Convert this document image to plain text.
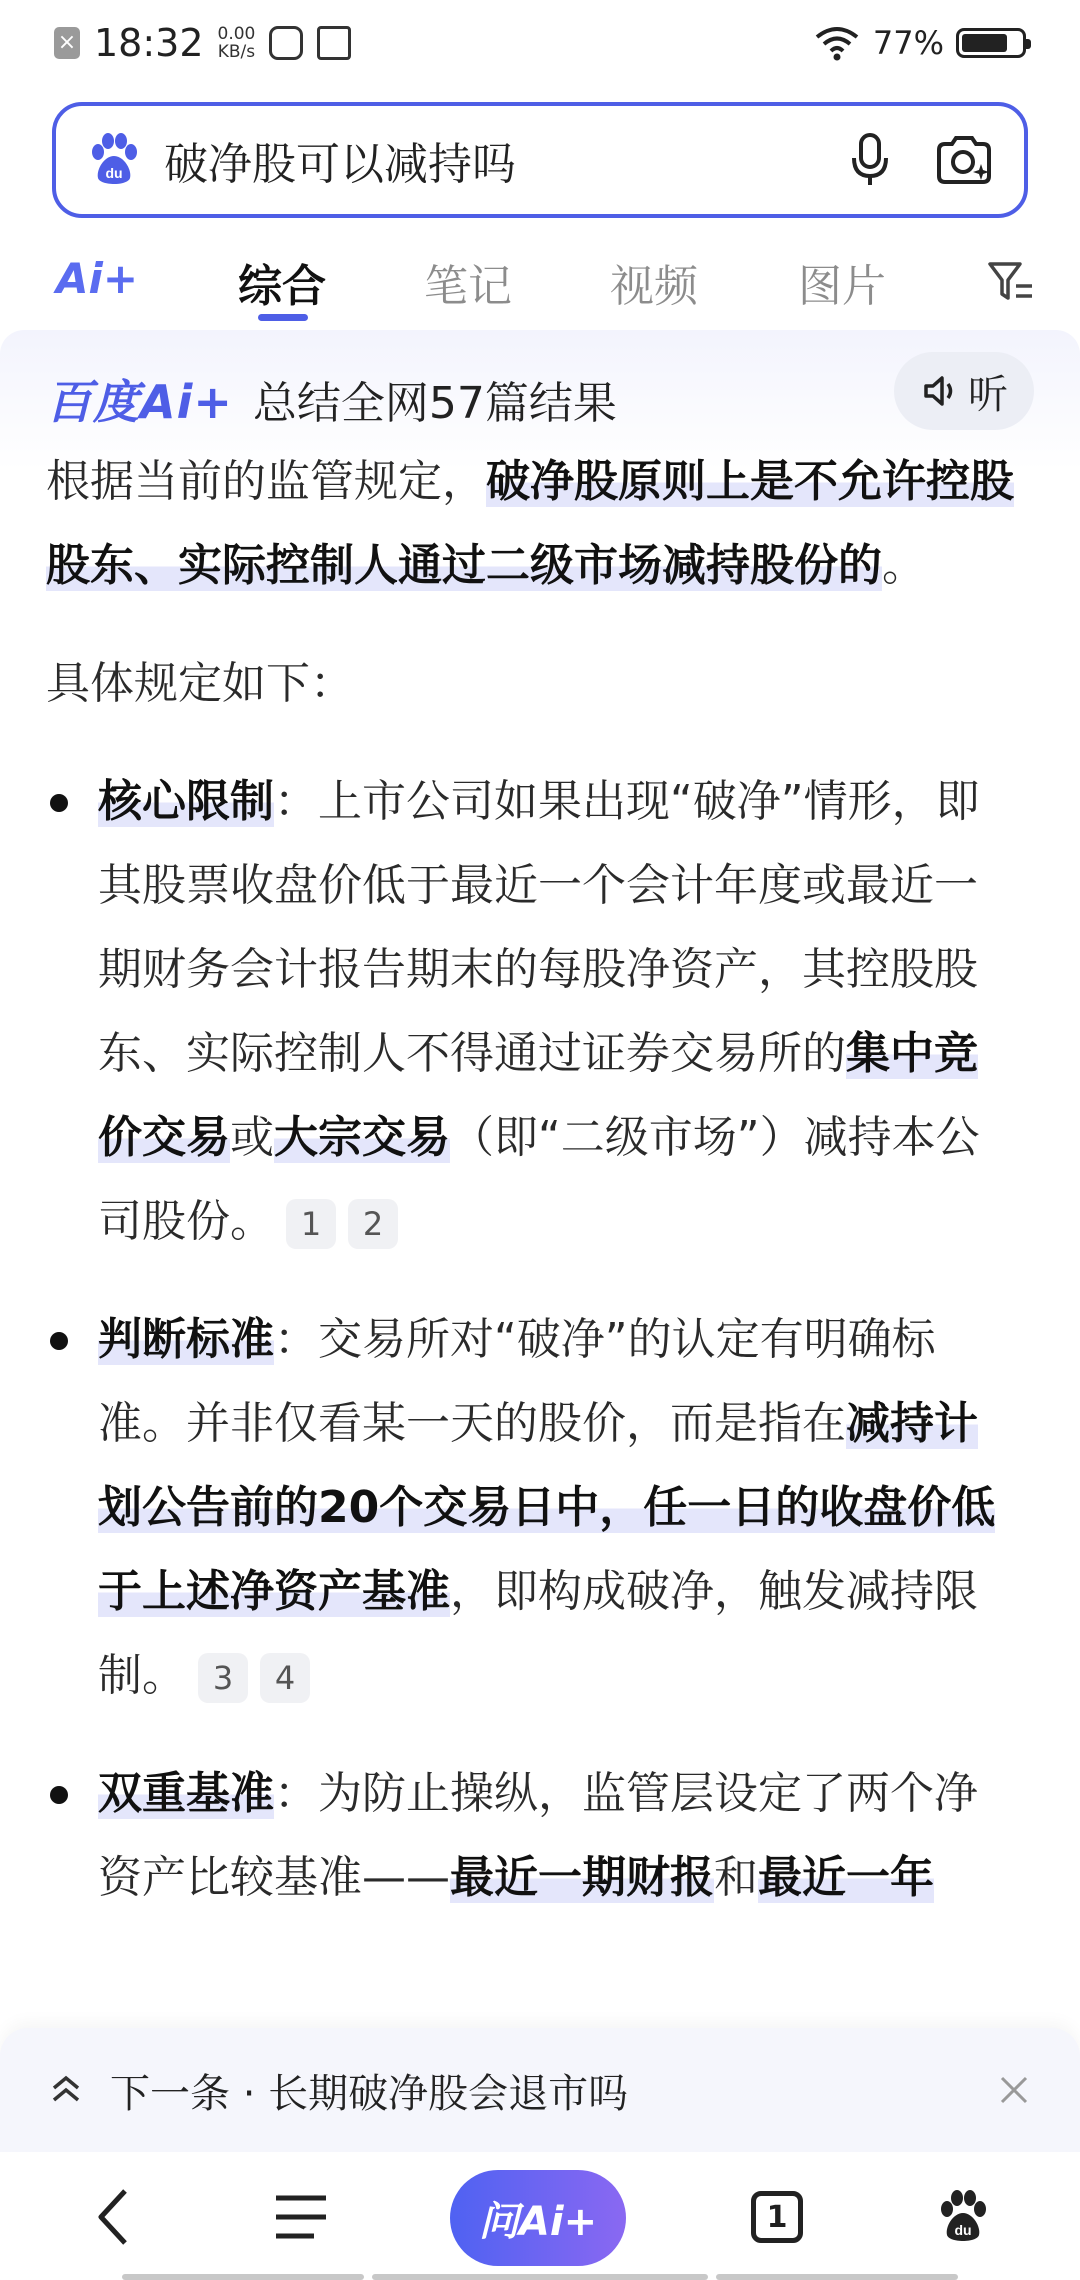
× 18:32 0.00
KB/s	77%
du 破净股可以减持吗
Ai+ 综合 笔记 视频 图片
百度Ai+ 总结全网57篇结果	听

根据当前的监管规定，破净股原则上是不允许控股股东、实际控制人通过二级市场减持股份的。

具体规定如下：

核心限制：上市公司如果出现“破净”情形，即其股票收盘价低于最近一个会计年度或最近一期财务会计报告期末的每股净资产，其控股股东、实际控制人不得通过证券交易所的集中竞价交易或大宗交易（即“二级市场”）减持本公司股份。 1 2
判断标准：交易所对“破净”的认定有明确标准。并非仅看某一天的股价，而是指在减持计划公告前的20个交易日中，任一日的收盘价低于上述净资产基准，即构成破净，触发减持限制。 3 4
双重基准：为防止操纵，监管层设定了两个净资产比较基准——最近一期财报和最近一年
下一条 · 长期破净股会退市吗
问Ai+	1	du
